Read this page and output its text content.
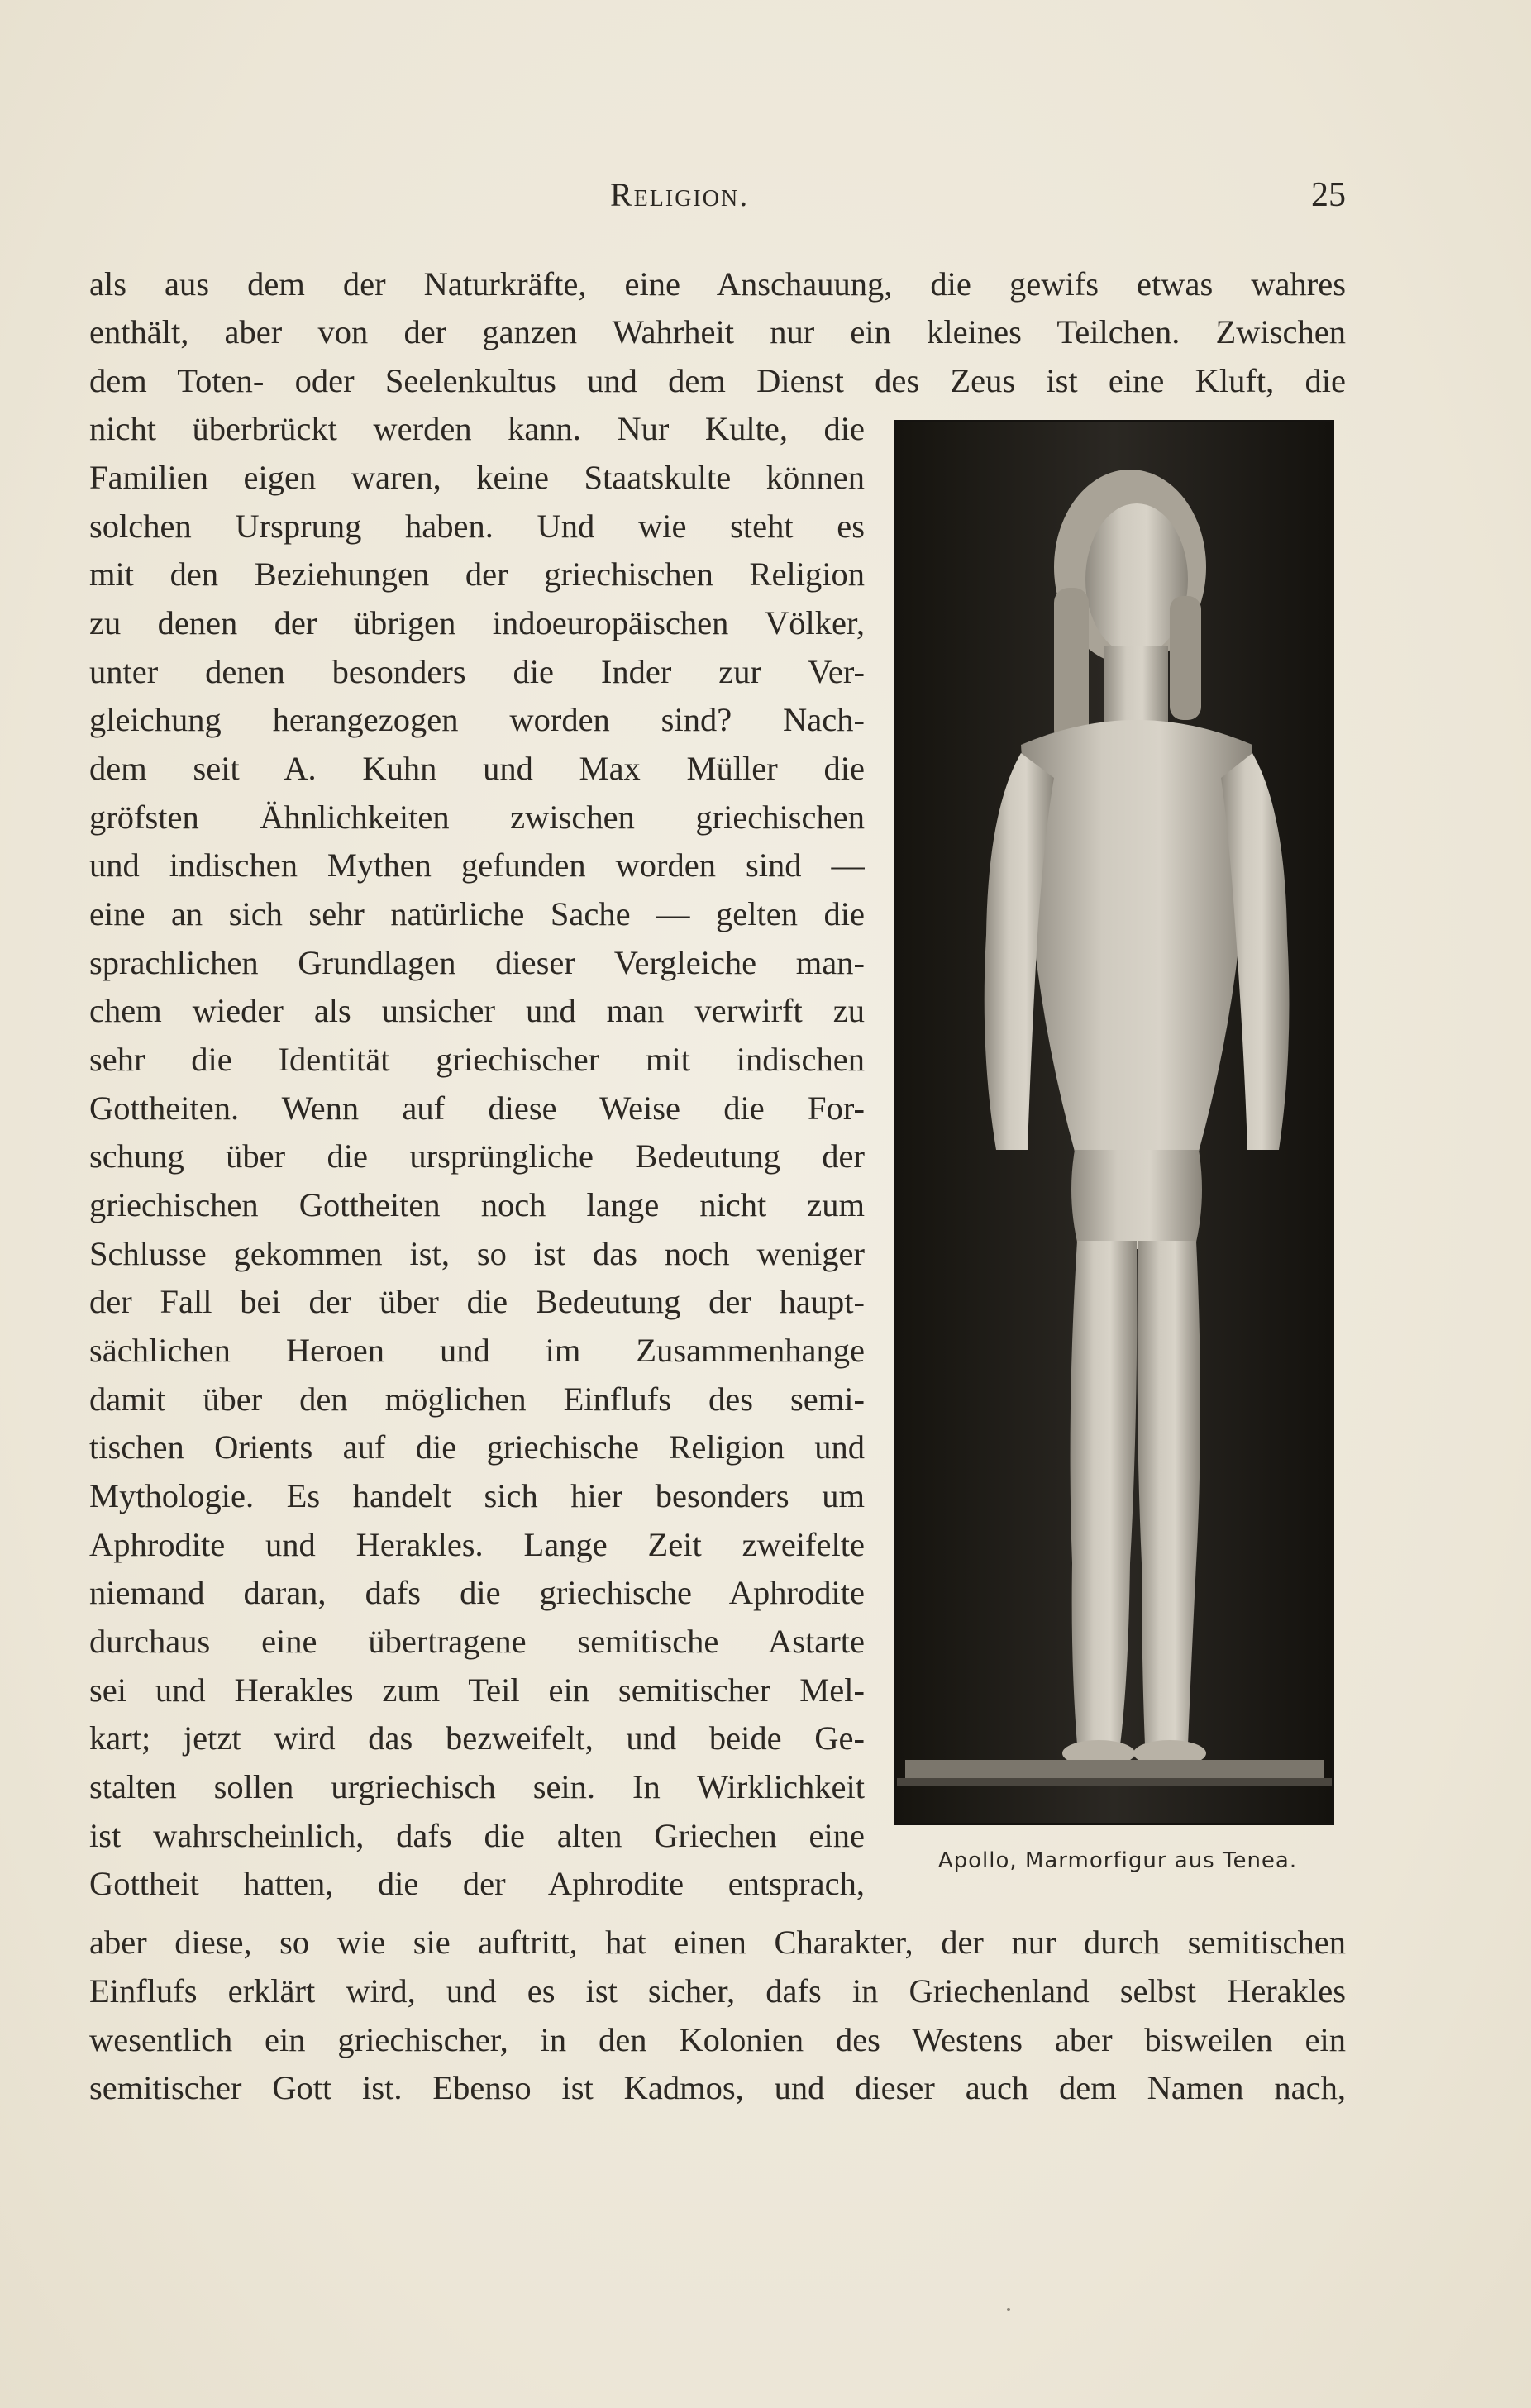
Religion.	25
als aus dem der Naturkräfte, eine Anschauung, die gewifs etwas wahres
enthält, aber von der ganzen Wahrheit nur ein kleines Teilchen. Zwischen
dem Toten- oder Seelenkultus und dem Dienst des Zeus ist eine Kluft, die
nicht überbrückt werden kann. Nur Kulte, die
Familien eigen waren, keine Staatskulte können
solchen Ursprung haben. Und wie steht es
mit den Beziehungen der griechischen Religion
zu denen der übrigen indoeuropäischen Völker,
unter denen besonders die Inder zur Ver-
gleichung herangezogen worden sind? Nach-
dem seit A. Kuhn und Max Müller die
gröfsten Ähnlichkeiten zwischen griechischen
und indischen Mythen gefunden worden sind —
eine an sich sehr natürliche Sache — gelten die
sprachlichen Grundlagen dieser Vergleiche man-
chem wieder als unsicher und man verwirft zu
sehr die Identität griechischer mit indischen
Gottheiten. Wenn auf diese Weise die For-
schung über die ursprüngliche Bedeutung der
griechischen Gottheiten noch lange nicht zum
Schlusse gekommen ist, so ist das noch weniger
der Fall bei der über die Bedeutung der haupt-
sächlichen Heroen und im Zusammenhange
damit über den möglichen Einflufs des semi-
tischen Orients auf die griechische Religion und
Mythologie. Es handelt sich hier besonders um
Aphrodite und Herakles. Lange Zeit zweifelte
niemand daran, dafs die griechische Aphrodite
durchaus eine übertragene semitische Astarte
sei und Herakles zum Teil ein semitischer Mel-
kart; jetzt wird das bezweifelt, und beide Ge-
stalten sollen urgriechisch sein. In Wirklichkeit
ist wahrscheinlich, dafs die alten Griechen eine
Gottheit hatten, die der Aphrodite entsprach,
aber diese, so wie sie auftritt, hat einen Charakter, der nur durch semitischen
Einflufs erklärt wird, und es ist sicher, dafs in Griechenland selbst Herakles
wesentlich ein griechischer, in den Kolonien des Westens aber bisweilen ein
semitischer Gott ist. Ebenso ist Kadmos, und dieser auch dem Namen nach,
Apollo, Marmorfigur aus Tenea.
